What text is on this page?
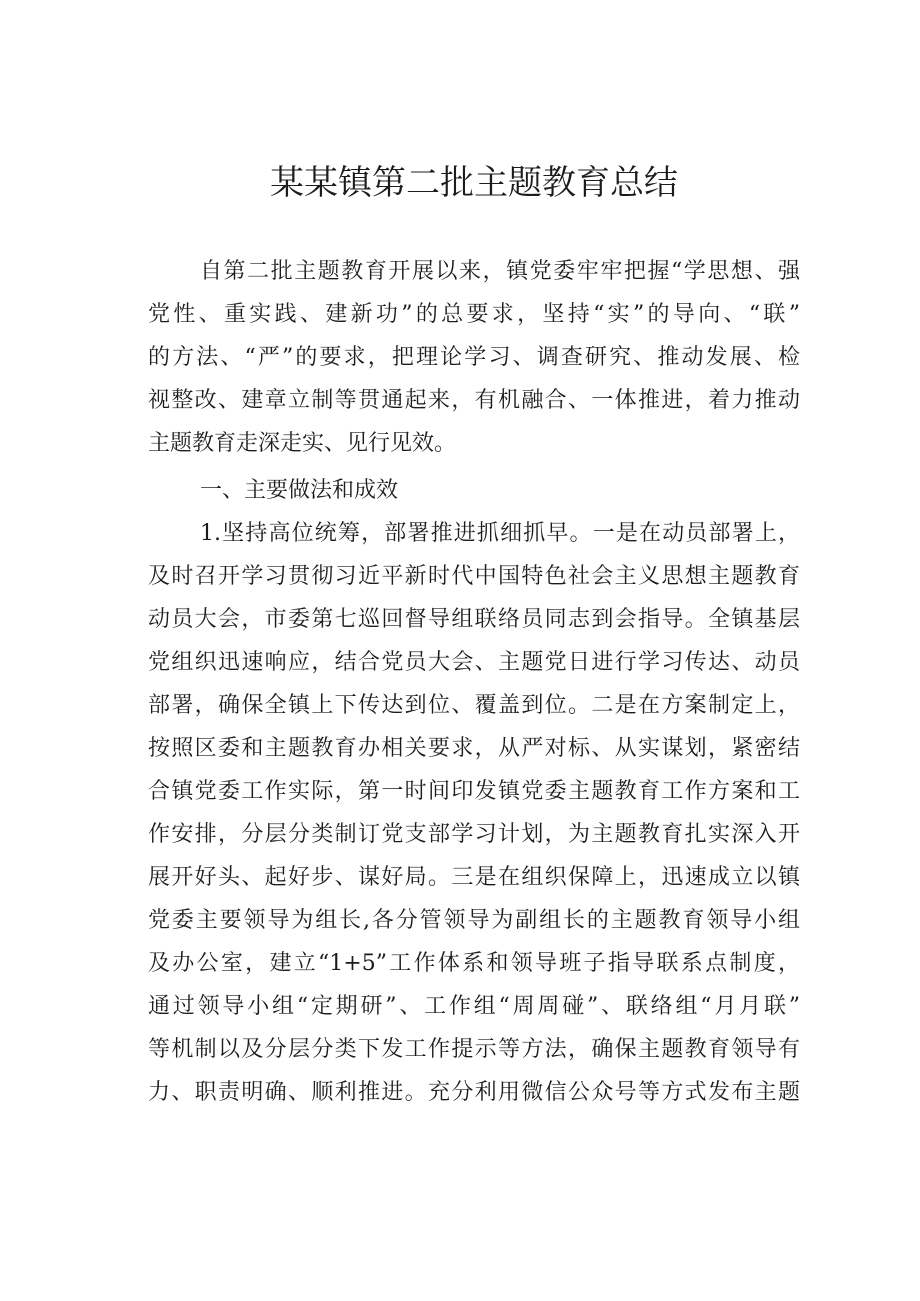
某某镇第二批主题教育总结
自第二批主题教育开展以来，镇党委牢牢把握“学思想、强
党性、重实践、建新功”的总要求，坚持“实”的导向、“联”
的方法、“严”的要求，把理论学习、调查研究、推动发展、检
视整改、建章立制等贯通起来，有机融合、一体推进，着力推动
主题教育走深走实、见行见效。
一、主要做法和成效
1.坚持高位统筹，部署推进抓细抓早。一是在动员部署上，
及时召开学习贯彻习近平新时代中国特色社会主义思想主题教育
动员大会，市委第七巡回督导组联络员同志到会指导。全镇基层
党组织迅速响应，结合党员大会、主题党日进行学习传达、动员
部署，确保全镇上下传达到位、覆盖到位。二是在方案制定上，
按照区委和主题教育办相关要求，从严对标、从实谋划，紧密结
合镇党委工作实际，第一时间印发镇党委主题教育工作方案和工
作安排，分层分类制订党支部学习计划，为主题教育扎实深入开
展开好头、起好步、谋好局。三是在组织保障上，迅速成立以镇
党委主要领导为组长,各分管领导为副组长的主题教育领导小组
及办公室，建立“1+5”工作体系和领导班子指导联系点制度，
通过领导小组“定期研”、工作组“周周碰”、联络组“月月联”
等机制以及分层分类下发工作提示等方法，确保主题教育领导有
力、职责明确、顺利推进。充分利用微信公众号等方式发布主题
